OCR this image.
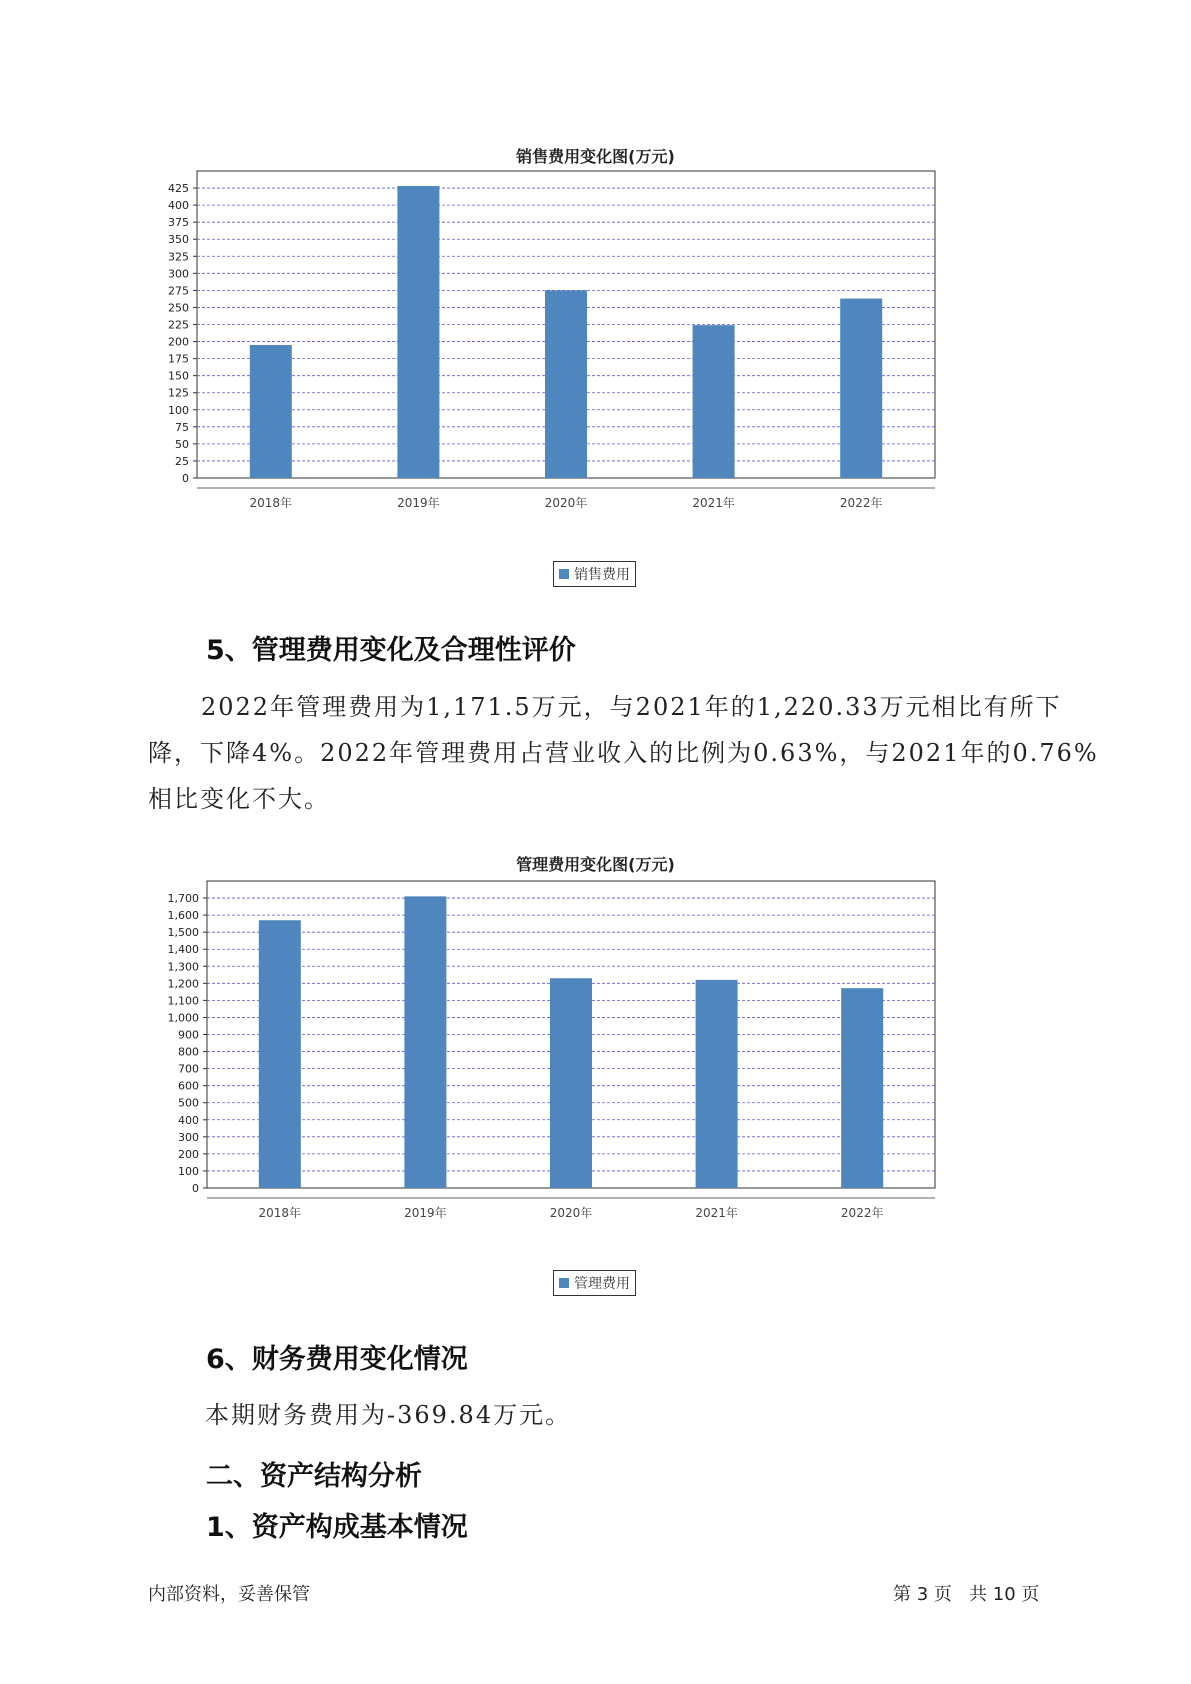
销售费用变化图(万元)
0
25
50
75
100
125
150
175
200
225
250
275
300
325
350
375
400
425
2018年	2019年	2020年	2021年	2022年
销售费用
5、管理费用变化及合理性评价
2022年管理费用为1,171.5万元，与2021年的1,220.33万元相比有所下
降，下降4%。2022年管理费用占营业收入的比例为0.63%，与2021年的0.76%
相比变化不大。
管理费用变化图(万元)
0
100
200
300
400
500
600
700
800
900
1,000
1,100
1,200
1,300
1,400
1,500
1,600
1,700
2018年	2019年	2020年	2021年	2022年
管理费用
6、财务费用变化情况
本期财务费用为-369.84万元。
二、资产结构分析
1、资产构成基本情况
内部资料，妥善保管	第 3 页   共 10 页
